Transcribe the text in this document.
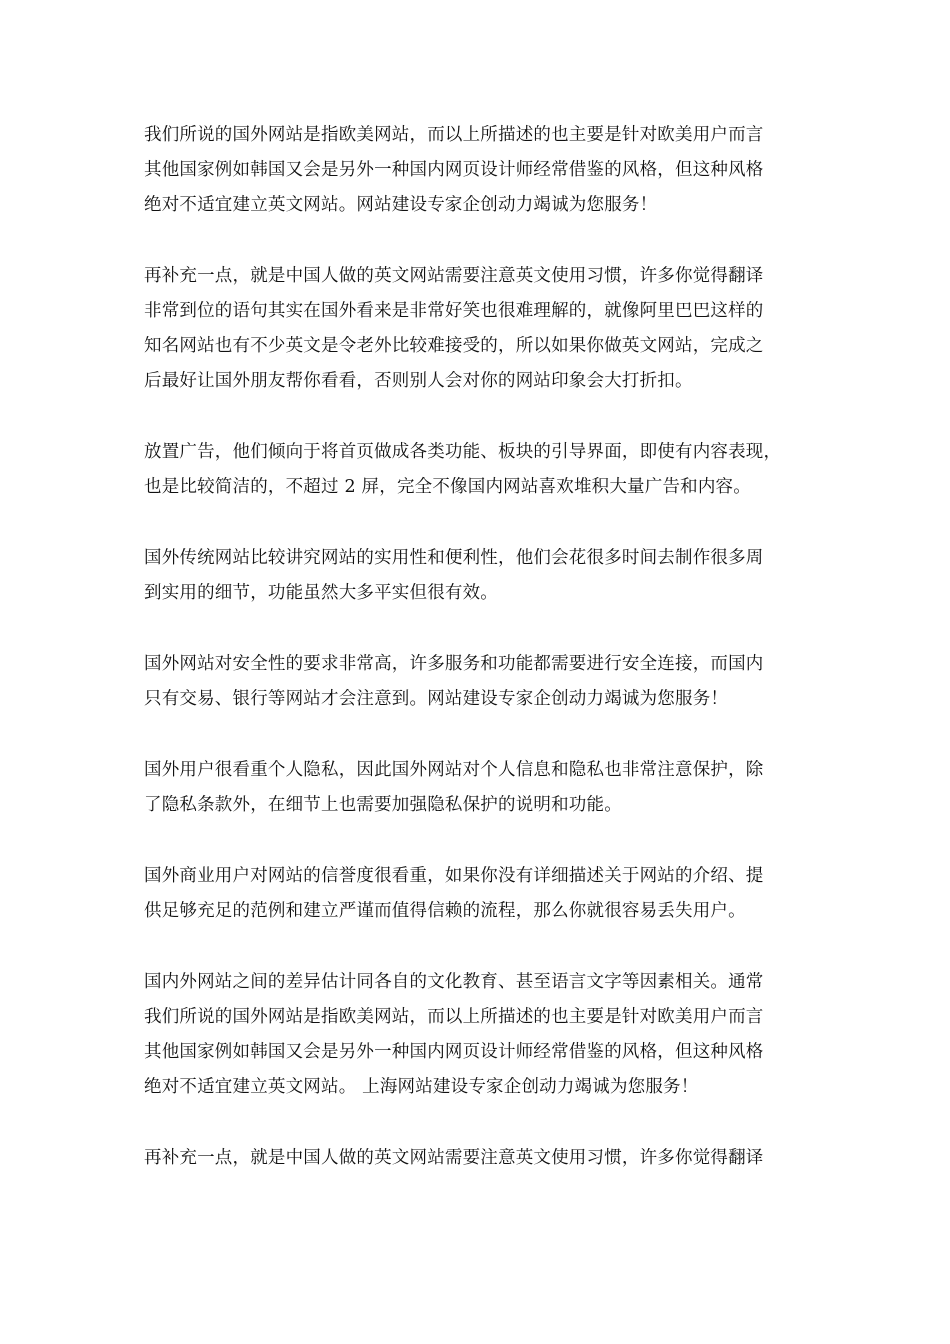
我们所说的国外网站是指欧美网站，而以上所描述的也主要是针对欧美用户而言
其他国家例如韩国又会是另外一种国内网页设计师经常借鉴的风格，但这种风格
绝对不适宜建立英文网站。网站建设专家企创动力竭诚为您服务！
再补充一点，就是中国人做的英文网站需要注意英文使用习惯，许多你觉得翻译
非常到位的语句其实在国外看来是非常好笑也很难理解的，就像阿里巴巴这样的
知名网站也有不少英文是令老外比较难接受的，所以如果你做英文网站，完成之
后最好让国外朋友帮你看看，否则别人会对你的网站印象会大打折扣。
放置广告，他们倾向于将首页做成各类功能、板块的引导界面，即使有内容表现，
也是比较简洁的，不超过 2 屏，完全不像国内网站喜欢堆积大量广告和内容。
国外传统网站比较讲究网站的实用性和便利性，他们会花很多时间去制作很多周
到实用的细节，功能虽然大多平实但很有效。
国外网站对安全性的要求非常高，许多服务和功能都需要进行安全连接，而国内
只有交易、银行等网站才会注意到。网站建设专家企创动力竭诚为您服务！
国外用户很看重个人隐私，因此国外网站对个人信息和隐私也非常注意保护，除
了隐私条款外，在细节上也需要加强隐私保护的说明和功能。
国外商业用户对网站的信誉度很看重，如果你没有详细描述关于网站的介绍、提
供足够充足的范例和建立严谨而值得信赖的流程，那么你就很容易丢失用户。
国内外网站之间的差异估计同各自的文化教育、甚至语言文字等因素相关。通常
我们所说的国外网站是指欧美网站，而以上所描述的也主要是针对欧美用户而言
其他国家例如韩国又会是另外一种国内网页设计师经常借鉴的风格，但这种风格
绝对不适宜建立英文网站。 上海网站建设专家企创动力竭诚为您服务！
再补充一点，就是中国人做的英文网站需要注意英文使用习惯，许多你觉得翻译
